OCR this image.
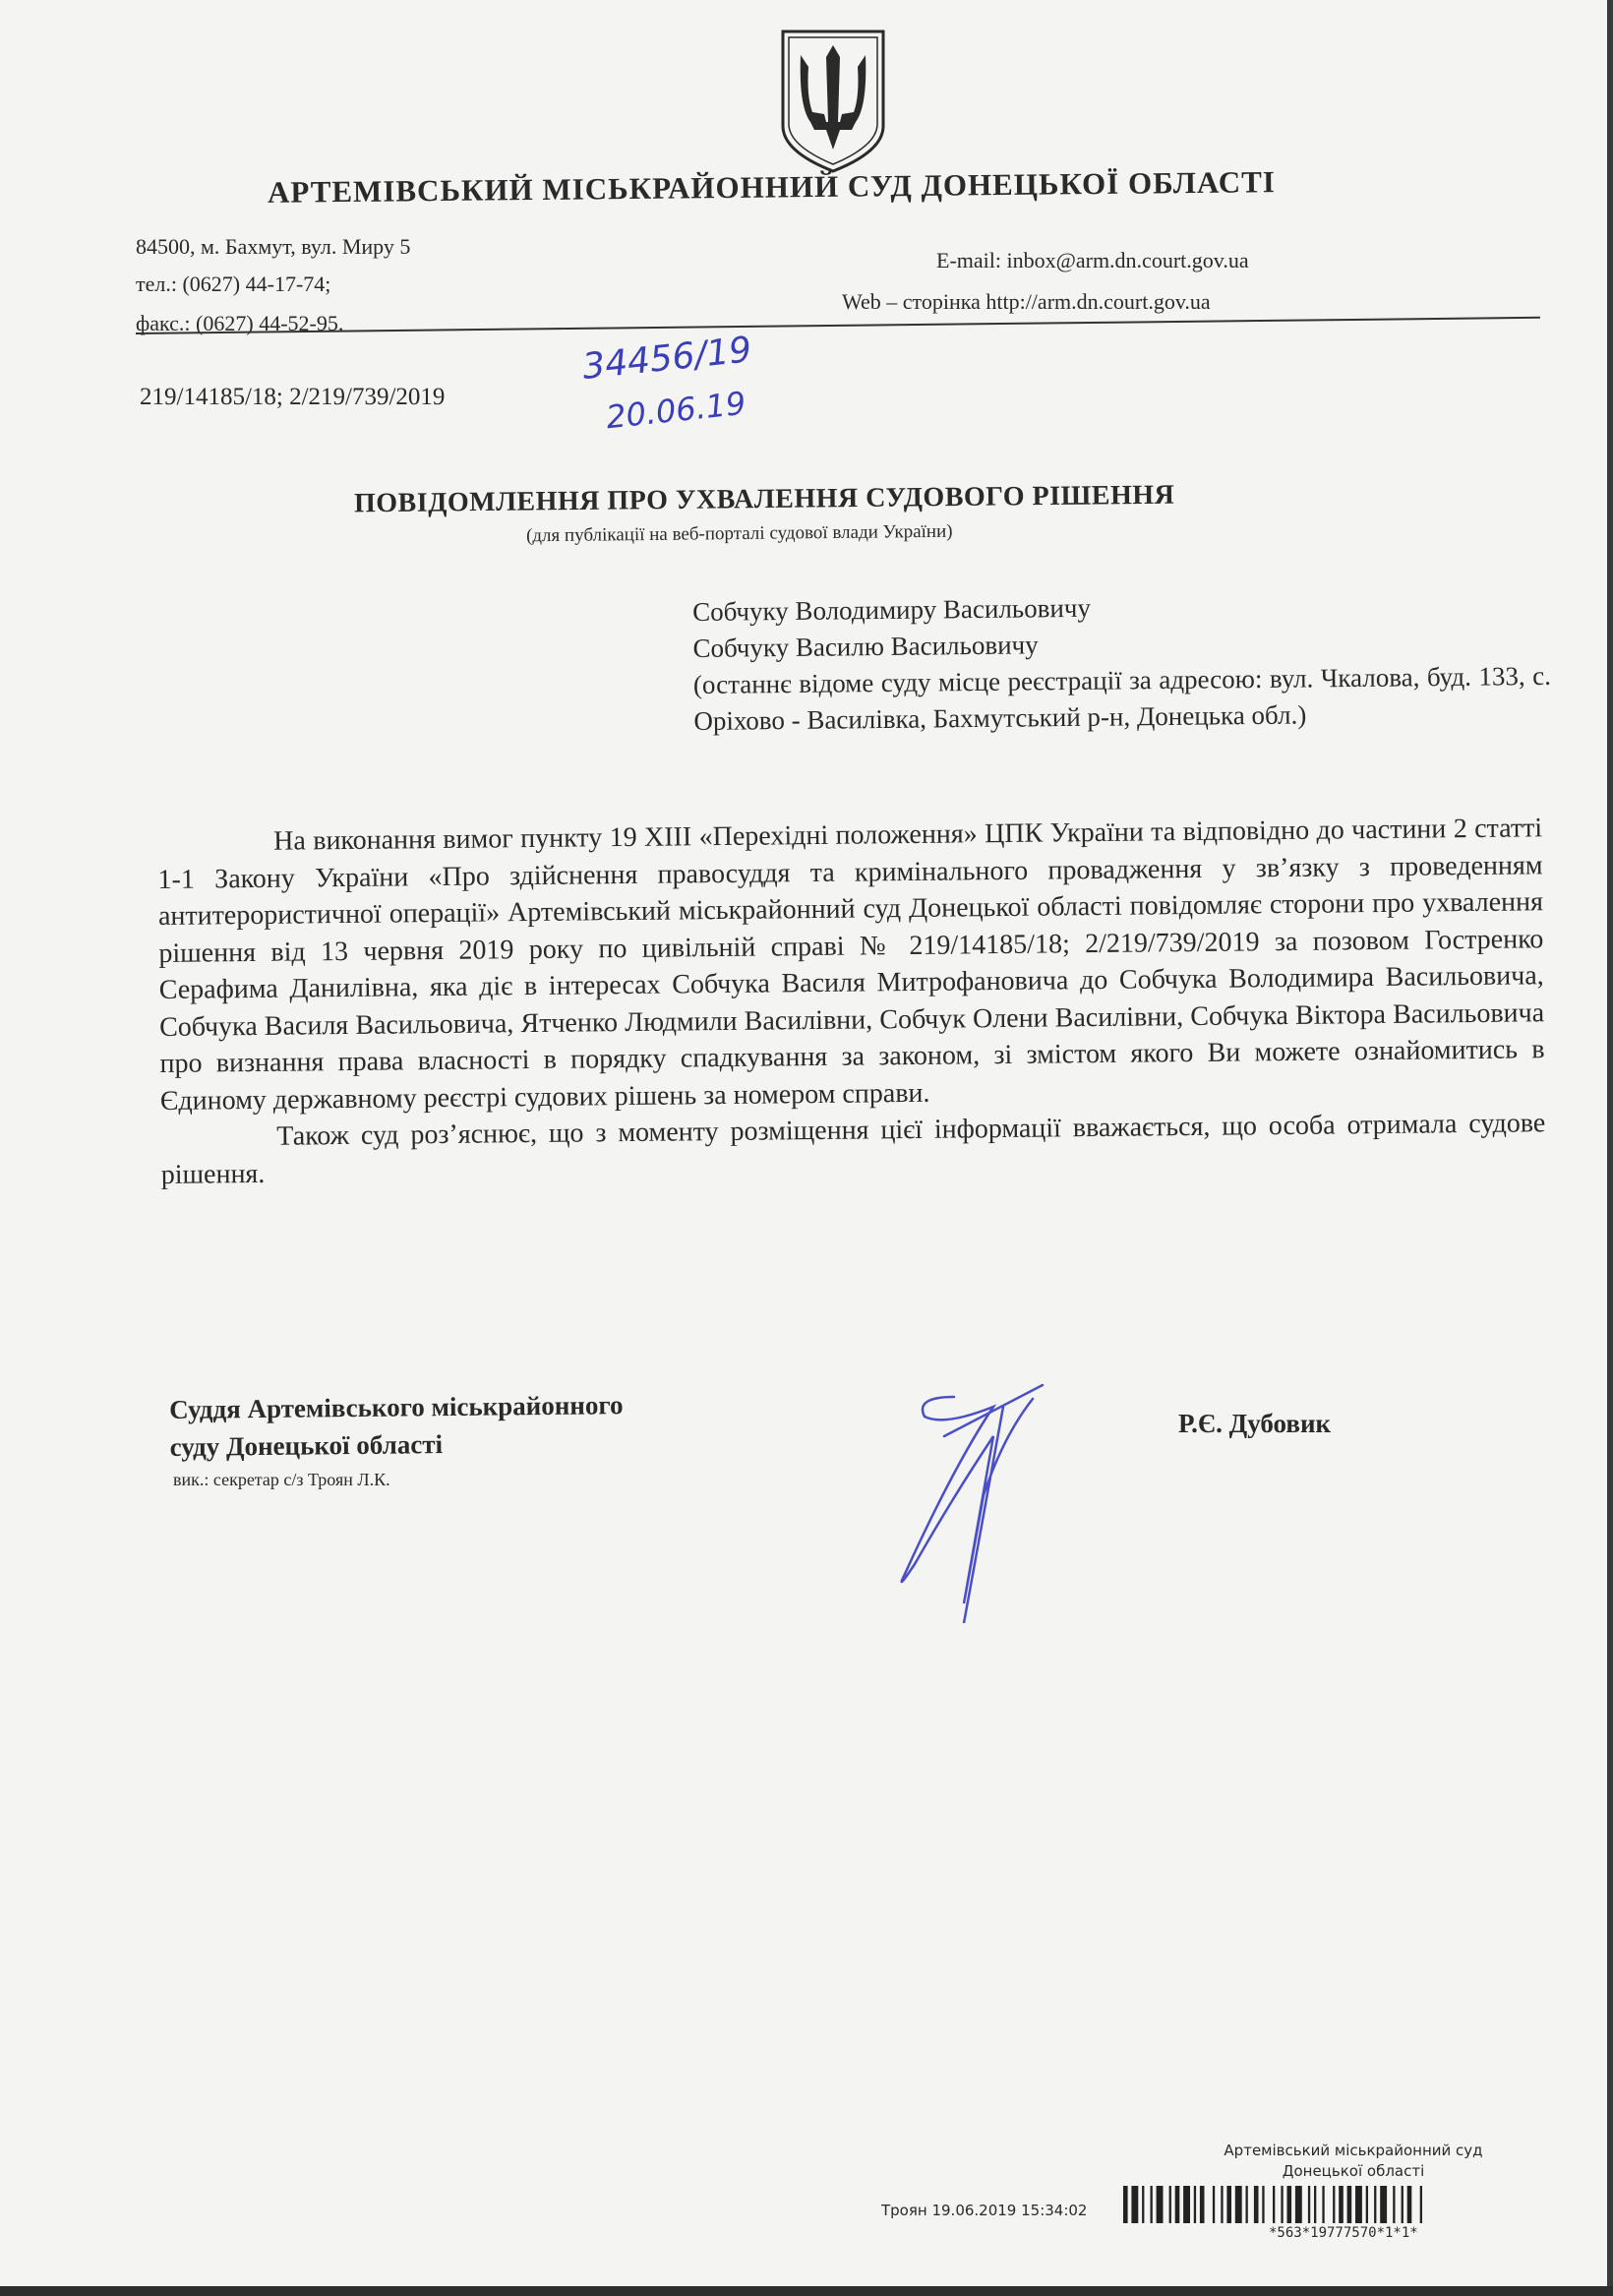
АРТЕМІВСЬКИЙ МІСЬКРАЙОННИЙ СУД ДОНЕЦЬКОЇ ОБЛАСТІ
84500, м. Бахмут, вул. Миру 5
тел.: (0627) 44-17-74;
факс.: (0627) 44-52-95.
E-mail: inbox@arm.dn.court.gov.ua
Web – сторінка http://arm.dn.court.gov.ua
219/14185/18; 2/219/739/2019
34456/19
20.06.19
ПОВІДОМЛЕННЯ ПРО УХВАЛЕННЯ СУДОВОГО РІШЕННЯ
(для публікації на веб-порталі судової влади України)
Собчуку Володимиру Васильовичу
Собчуку Василю Васильовичу
(останнє відоме суду місце реєстрації за адресою: вул. Чкалова, буд. 133, с. Оріхово - Василівка, Бахмутський р-н, Донецька обл.)

На виконання вимог пункту 19 XIII «Перехідні положення» ЦПК України та відповідно до частини 2 статті 1-1 Закону України «Про здійснення правосуддя та кримінального провадження у зв’язку з проведенням антитерористичної операції» Артемівський міськрайонний суд Донецької області повідомляє сторони про ухвалення рішення від 13 червня 2019 року по цивільній справі № 219/14185/18; 2/219/739/2019 за позовом Гостренко Серафима Данилівна, яка діє в інтересах Собчука Василя Митрофановича до Собчука Володимира Васильовича, Собчука Василя Васильовича, Ятченко Людмили Василівни, Собчук Олени Василівни, Собчука Віктора Васильовича про визнання права власності в порядку спадкування за законом, зі змістом якого Ви можете ознайомитись в Єдиному державному реєстрі судових рішень за номером справи.

Також суд роз’яснює, що з моменту розміщення цієї інформації вважається, що особа отримала судове рішення.

Суддя Артемівського міськрайонного
суду Донецької області
вик.: секретар с/з Троян Л.К.
Р.Є. Дубовик
Артемівський міськрайонний суд
Донецької області
Троян 19.06.2019 15:34:02
*563*19777570*1*1*
